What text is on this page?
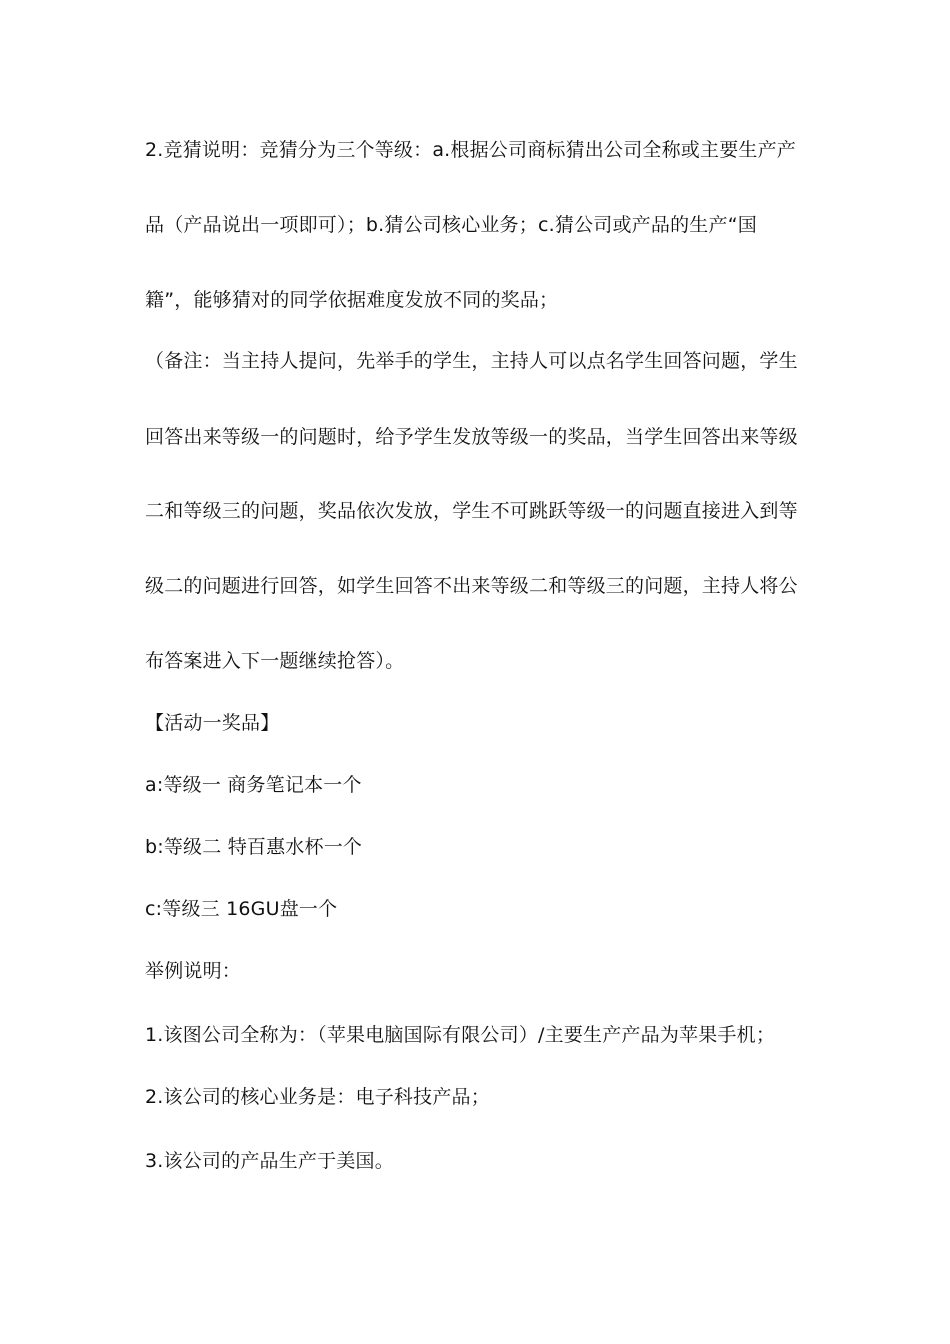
2.竞猜说明：竞猜分为三个等级：a.根据公司商标猜出公司全称或主要生产产
品（产品说出一项即可）；b.猜公司核心业务；c.猜公司或产品的生产“国
籍”，能够猜对的同学依据难度发放不同的奖品；
（备注：当主持人提问，先举手的学生，主持人可以点名学生回答问题，学生
回答出来等级一的问题时，给予学生发放等级一的奖品，当学生回答出来等级
二和等级三的问题，奖品依次发放，学生不可跳跃等级一的问题直接进入到等
级二的问题进行回答，如学生回答不出来等级二和等级三的问题，主持人将公
布答案进入下一题继续抢答）。
【活动一奖品】
a:等级一 商务笔记本一个
b:等级二 特百惠水杯一个
c:等级三 16GU盘一个
举例说明：
1.该图公司全称为：（苹果电脑国际有限公司）/主要生产产品为苹果手机；
2.该公司的核心业务是：电子科技产品；
3.该公司的产品生产于美国。
